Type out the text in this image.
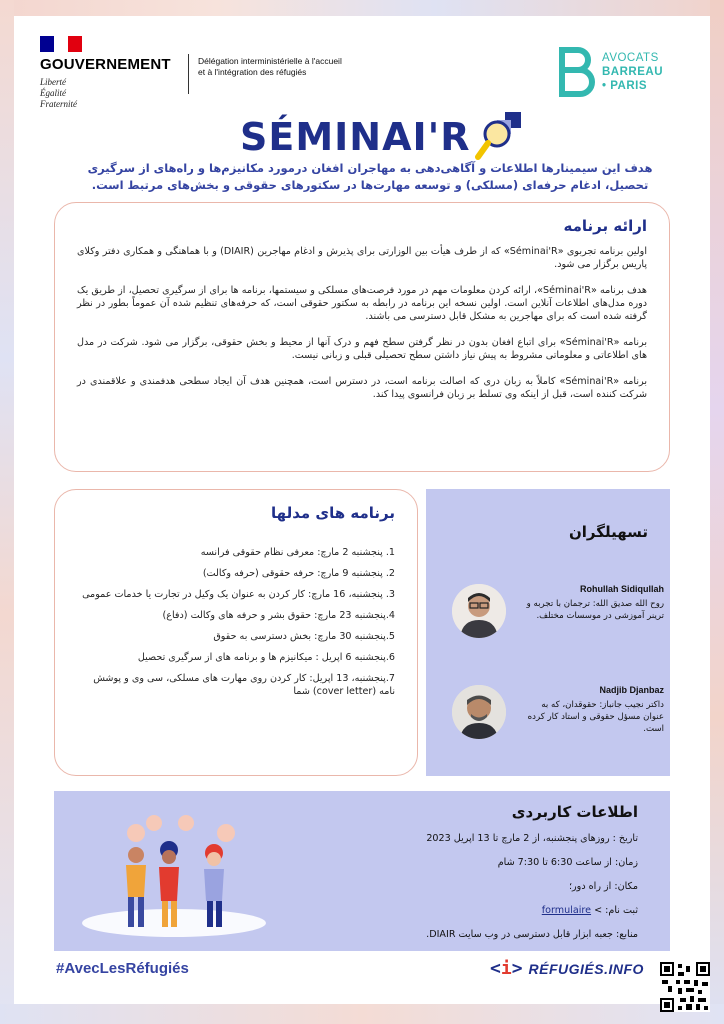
GOUVERNEMENT
Liberté
Égalité
Fraternité
Délégation interministérielle à l'accueil et à l'intégration des réfugiés
AVOCATS
BARREAU
• PARIS
SÉMINAI'R
هدف این سیمینارها اطلاعات و آگاهی‌دهی به مهاجران افغان درمورد مکانیزم‌ها و راه‌های از سرگیری تحصیل، ادغام حرفه‌ای (مسلکی) و توسعه مهارت‌ها در سکتورهای حقوقی و بخش‌های مرتبط است.
ارائه برنامه

اولین برنامه تجربوی «Séminai'R» که از طرف هیأت بین الوزارتی برای پذیرش و ادغام مهاجرین (DIAIR) و با هماهنگی و همکاری دفتر وکلای پاریس برگزار می شود.

هدف برنامه «Séminai'R»، ارائه کردن معلومات مهم در مورد فرصت‌های مسلکی و سیستمها، برنامه ها برای از سرگیری تحصیل، از طریق یک دوره مدل‌های اطلاعات آنلاین است. اولین نسخه این برنامه در رابطه به سکتور حقوقی است، که حرفه‌های تنظیم شده آن عموماً بطور در نظر گرفته شده است که برای مهاجرین به مشکل قابل دسترسی می باشند.

برنامه «Séminai'R» برای اتباع افغان بدون در نظر گرفتن سطح فهم و درک آنها از محیط و بخش حقوقی، برگزار می شود. شرکت در مدل های اطلاعاتی و معلوماتی مشروط به پیش نیاز داشتن سطح تحصیلی قبلی و زبانی نیست.

برنامه «Séminai'R» کاملاً به زبان دری که اصالت برنامه است، در دسترس است، همچنین هدف آن ایجاد سطحی هدفمندی و علاقمندی در شرکت کننده است، قبل از اینکه وی تسلط بر زبان فرانسوی پیدا کند.

برنامه های مدلها
1. پنجشنبه 2 مارچ: معرفی نظام حقوقی فرانسه
2. پنجشنبه 9 مارچ: حرفه حقوقی (حرفه وکالت)
3. پنجشنبه، 16 مارچ: کار کردن به عنوان یک وکیل در تجارت یا خدمات عمومی
4.پنجشنبه 23 مارچ: حقوق بشر و حرفه های وکالت (دفاع)
5.پنجشنبه 30 مارچ: بخش دسترسی به حقوق
6.پنجشنبه 6 اپریل : میکانیزم ها و برنامه های از سرگیری تحصیل
7.پنجشنبه، 13 اپریل: کار کردن روی مهارت های مسلکی، سی وی و پوشش نامه (cover letter) شما
تسهیلگران
Rohullah Sidiqullah
روح الله صدیق الله: ترجمان با تجربه و ترینر آموزشی در موسسات مختلف.
Nadjib Djanbaz
داکتر نجیب جانباز: حقوقدان، که به عنوان مسؤل حقوقی و استاد کار کرده است.
اطلاعات کاربردی
تاریخ : روزهای پنجشنبه، از 2 مارچ تا 13 اپریل 2023
زمان: از ساعت 6:30 تا 7:30 شام
مکان: از راه دور؛
ثبت نام: > formulaire
منابع: جعبه ابزار قابل دسترسی در وب سایت DIAIR.
#AvecLesRéfugiés	<i> RÉFUGIÉS.INFO
